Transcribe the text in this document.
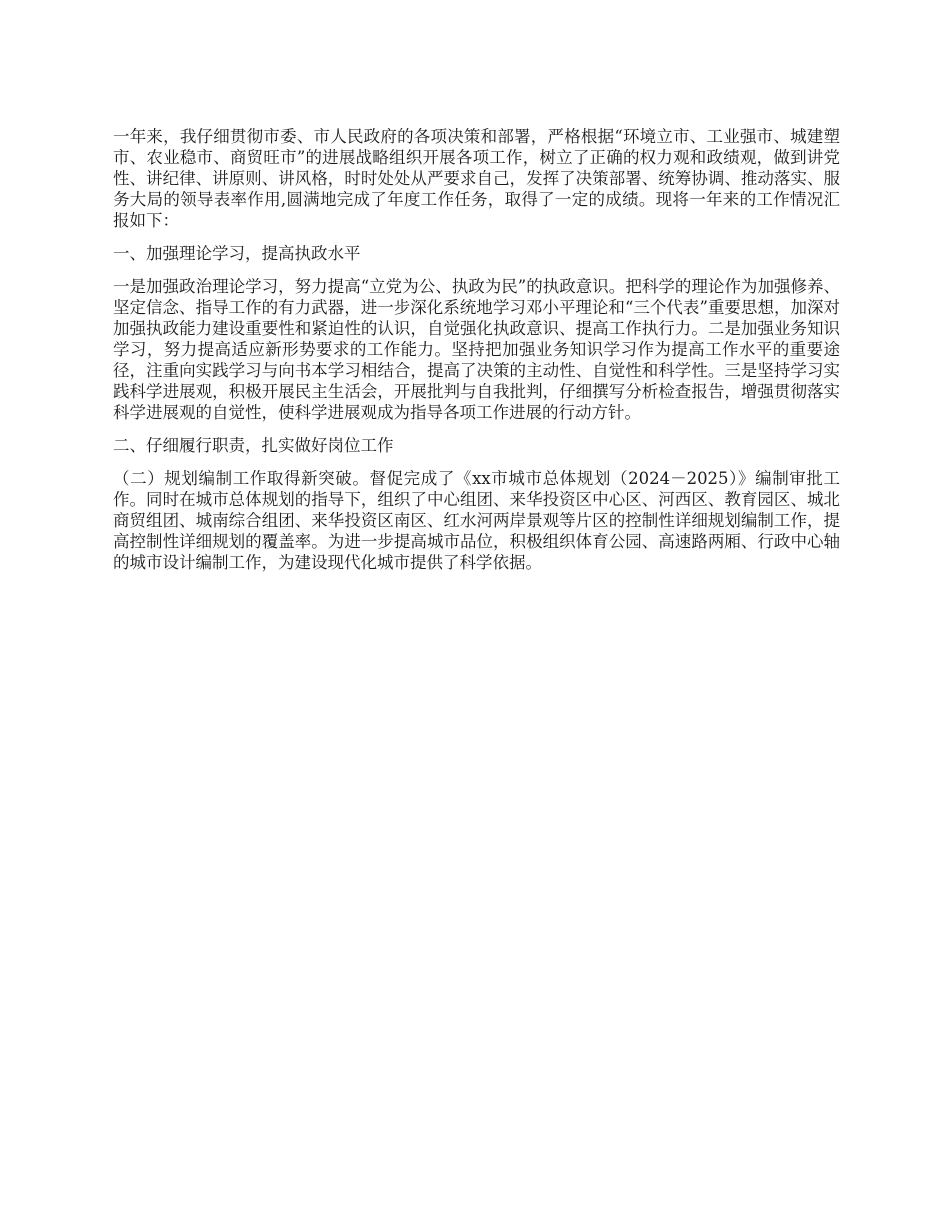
一年来，我仔细贯彻市委、市人民政府的各项决策和部署，严格根据“环境立市、工业强市、城建塑市、农业稳市、商贸旺市”的进展战略组织开展各项工作，树立了正确的权力观和政绩观，做到讲党性、讲纪律、讲原则、讲风格，时时处处从严要求自己，发挥了决策部署、统筹协调、推动落实、服务大局的领导表率作用,圆满地完成了年度工作任务，取得了一定的成绩。现将一年来的工作情况汇报如下：

一、加强理论学习，提高执政水平

一是加强政治理论学习，努力提高“立党为公、执政为民”的执政意识。把科学的理论作为加强修养、坚定信念、指导工作的有力武器，进一步深化系统地学习邓小平理论和“三个代表”重要思想，加深对加强执政能力建设重要性和紧迫性的认识，自觉强化执政意识、提高工作执行力。二是加强业务知识学习，努力提高适应新形势要求的工作能力。坚持把加强业务知识学习作为提高工作水平的重要途径，注重向实践学习与向书本学习相结合，提高了决策的主动性、自觉性和科学性。三是坚持学习实践科学进展观，积极开展民主生活会，开展批判与自我批判，仔细撰写分析检查报告，增强贯彻落实科学进展观的自觉性，使科学进展观成为指导各项工作进展的行动方针。

二、仔细履行职责，扎实做好岗位工作

（二）规划编制工作取得新突破。督促完成了《xx市城市总体规划（2024－2025）》编制审批工作。同时在城市总体规划的指导下，组织了中心组团、来华投资区中心区、河西区、教育园区、城北商贸组团、城南综合组团、来华投资区南区、红水河两岸景观等片区的控制性详细规划编制工作，提高控制性详细规划的覆盖率。为进一步提高城市品位，积极组织体育公园、高速路两厢、行政中心轴的城市设计编制工作，为建设现代化城市提供了科学依据。
